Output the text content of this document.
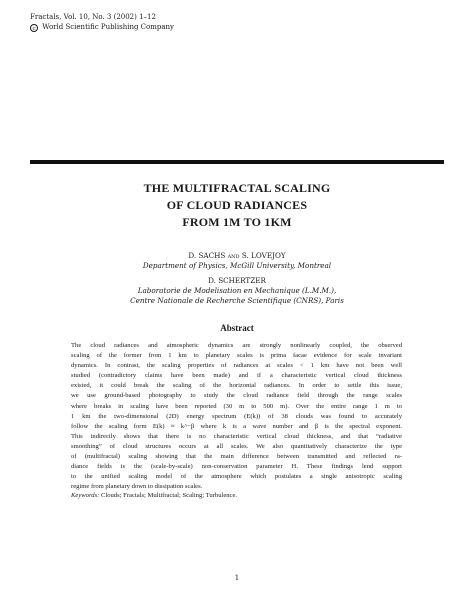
Fractals, Vol. 10, No. 3 (2002) 1–12
c World Scientific Publishing Company
THE MULTIFRACTAL SCALING
OF CLOUD RADIANCES
FROM 1M TO 1KM
D. SACHS and S. LOVEJOY
Department of Physics, McGill University, Montreal
D. SCHERTZER
Laboratorie de Modelisation en Mechanique (L.M.M.),
Centre Nationale de Recherche Scientifique (CNRS), Paris
Abstract
The cloud radiances and atmospheric dynamics are strongly nonlinearly coupled, the observed
scaling of the former from 1 km to planetary scales is prima facae evidence for scale invariant
dynamics. In contrast, the scaling properties of radiances at scales < 1 km have not been well
studied (contradictory claims have been made) and if a characteristic vertical cloud thickness
existed, it could break the scaling of the horizontal radiances. In order to settle this issue,
we use ground-based photography to study the cloud radiance field through the range scales
where breaks in scaling have been reported (30 m to 500 m). Over the entire range 1 m to
1 km the two-dimensional (2D) energy spectrum (E(k)) of 38 clouds was found to accurately
follow the scaling form E(k) ≈ k^−β where k is a wave number and β is the spectral exponent.
This indirectly shows that there is no characteristic vertical cloud thickness, and that “radiative
smoothing” of cloud structures occurs at all scales. We also quantitatively characterize the type
of (multifractal) scaling showing that the main difference between transmitted and reflected ra-
diance fields is the (scale-by-scale) non-conservation parameter H. These findings lend support
to the unified scaling model of the atmosphere which postulates a single anisotropic scaling
regime from planetary down to dissipation scales.
Keywords: Clouds; Fractals; Multifractal; Scaling; Turbulence.
1
